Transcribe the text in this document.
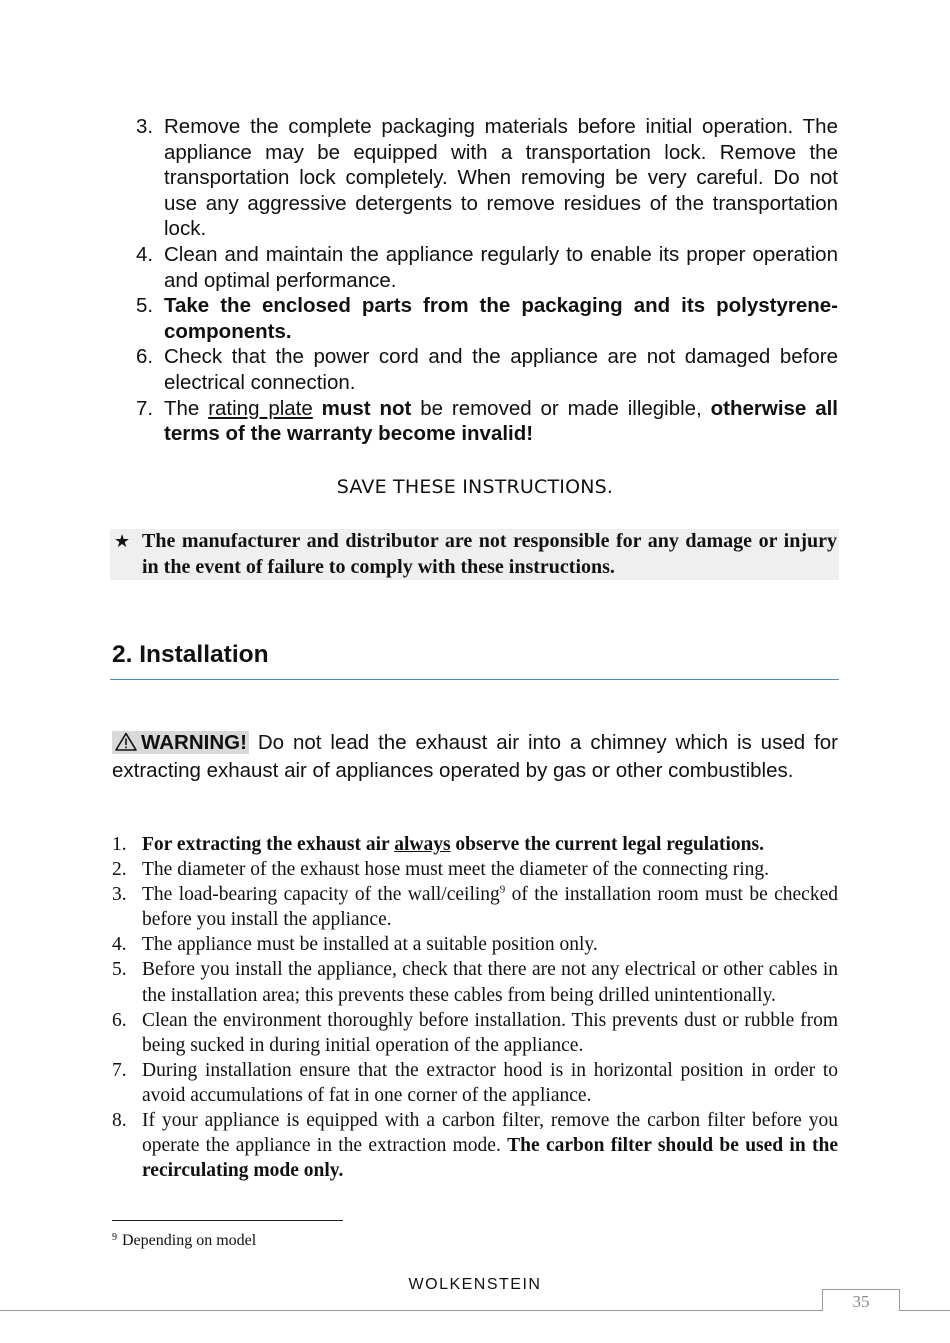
3. Remove the complete packaging materials before initial operation. The appliance may be equipped with a transportation lock. Remove the transportation lock completely. When removing be very careful. Do not use any aggressive detergents to remove residues of the transportation lock.
4. Clean and maintain the appliance regularly to enable its proper operation and optimal performance.
5. Take the enclosed parts from the packaging and its polystyrene-components.
6. Check that the power cord and the appliance are not damaged before electrical connection.
7. The rating plate must not be removed or made illegible, otherwise all terms of the warranty become invalid!
SAVE THESE INSTRUCTIONS.
★ The manufacturer and distributor are not responsible for any damage or injury in the event of failure to comply with these instructions.
2. Installation
WARNING! Do not lead the exhaust air into a chimney which is used for extracting exhaust air of appliances operated by gas or other combustibles.
1. For extracting the exhaust air always observe the current legal regulations.
2. The diameter of the exhaust hose must meet the diameter of the connecting ring.
3. The load-bearing capacity of the wall/ceiling$^9$ of the installation room must be checked before you install the appliance.
4. The appliance must be installed at a suitable position only.
5. Before you install the appliance, check that there are not any electrical or other cables in the installation area; this prevents these cables from being drilled unintentionally.
6. Clean the environment thoroughly before installation. This prevents dust or rubble from being sucked in during initial operation of the appliance.
7. During installation ensure that the extractor hood is in horizontal position in order to avoid accumulations of fat in one corner of the appliance.
8. If your appliance is equipped with a carbon filter, remove the carbon filter before you operate the appliance in the extraction mode. The carbon filter should be used in the recirculating mode only.
$^9$ Depending on model
WOLKENSTEIN
35
